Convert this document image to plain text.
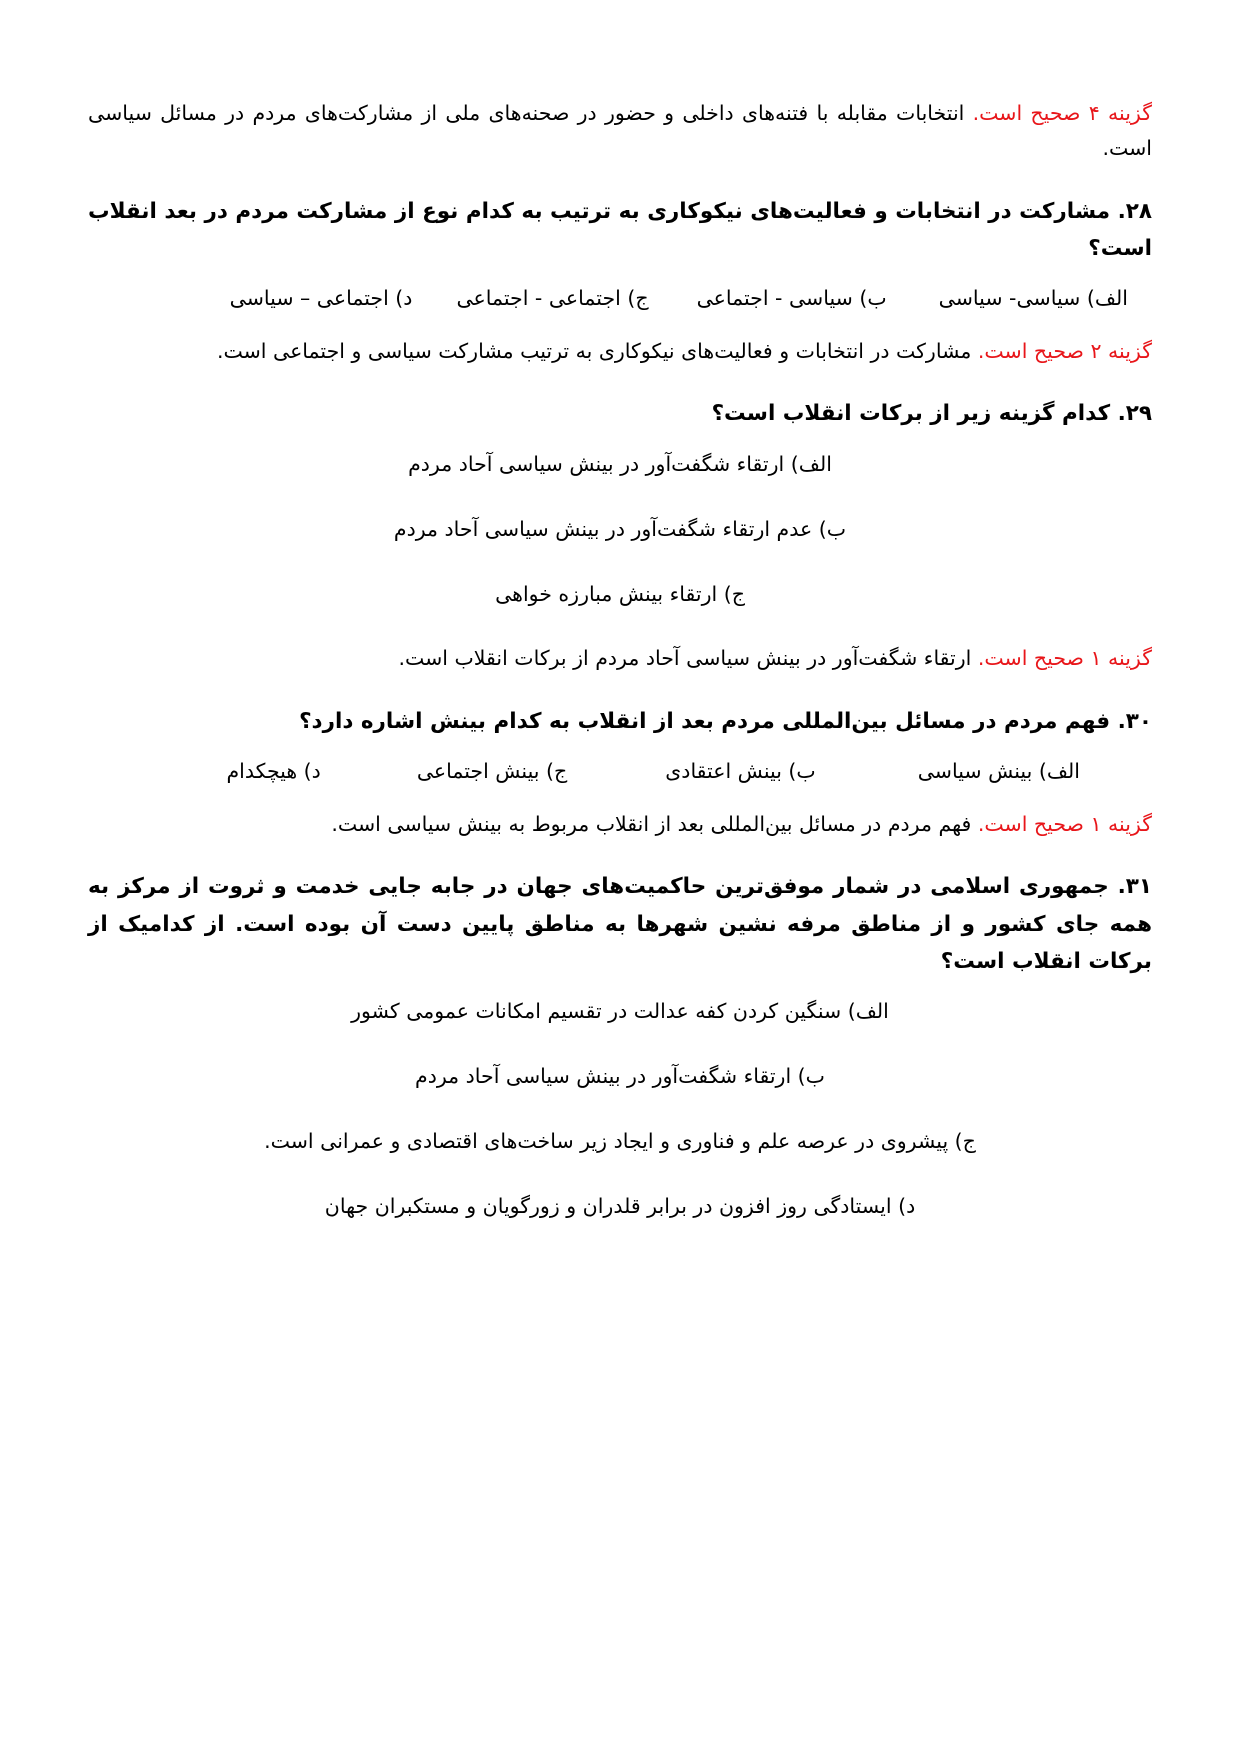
گزینه ۴ صحیح است. انتخابات مقابله با فتنه‌های داخلی و حضور در صحنه‌های ملی از مشارکت‌های مردم در مسائل سیاسی است.

۲۸. مشارکت در انتخابات و فعالیت‌های نیکوکاری به ترتیب به کدام نوع از مشارکت مردم در بعد انقلاب است؟

الف) سیاسی- سیاسی
ب) سیاسی - اجتماعی
ج) اجتماعی - اجتماعی
د) اجتماعی – سیاسی

گزینه ۲ صحیح است. مشارکت در انتخابات و فعالیت‌های نیکوکاری به ترتیب مشارکت سیاسی و اجتماعی است.

۲۹. کدام گزینه زیر از برکات انقلاب است؟

الف) ارتقاء شگفت‌آور در بینش سیاسی آحاد مردم
ب) عدم ارتقاء شگفت‌آور در بینش سیاسی آحاد مردم
ج) ارتقاء بینش مبارزه خواهی

گزینه ۱ صحیح است. ارتقاء شگفت‌آور در بینش سیاسی آحاد مردم از برکات انقلاب است.

۳۰. فهم مردم در مسائل بین‌المللی مردم بعد از انقلاب به کدام بینش اشاره دارد؟

الف) بینش سیاسی
ب) بینش اعتقادی
ج) بینش اجتماعی
د) هیچکدام

گزینه ۱ صحیح است. فهم مردم در مسائل بین‌المللی بعد از انقلاب مربوط به بینش سیاسی است.

۳۱. جمهوری اسلامی در شمار موفق‌ترین حاکمیت‌های جهان در جابه جایی خدمت و ثروت از مرکز به همه جای کشور و از مناطق مرفه نشین شهرها به مناطق پایین دست آن بوده است. از کدامیک از برکات انقلاب است؟

الف) سنگین کردن کفه عدالت در تقسیم امکانات عمومی کشور
ب) ارتقاء شگفت‌آور در بینش سیاسی آحاد مردم
ج) پیشروی در عرصه علم و فناوری و ایجاد زیر ساخت‌های اقتصادی و عمرانی است.
د) ایستادگی روز افزون در برابر قلدران و زورگویان و مستکبران جهان
